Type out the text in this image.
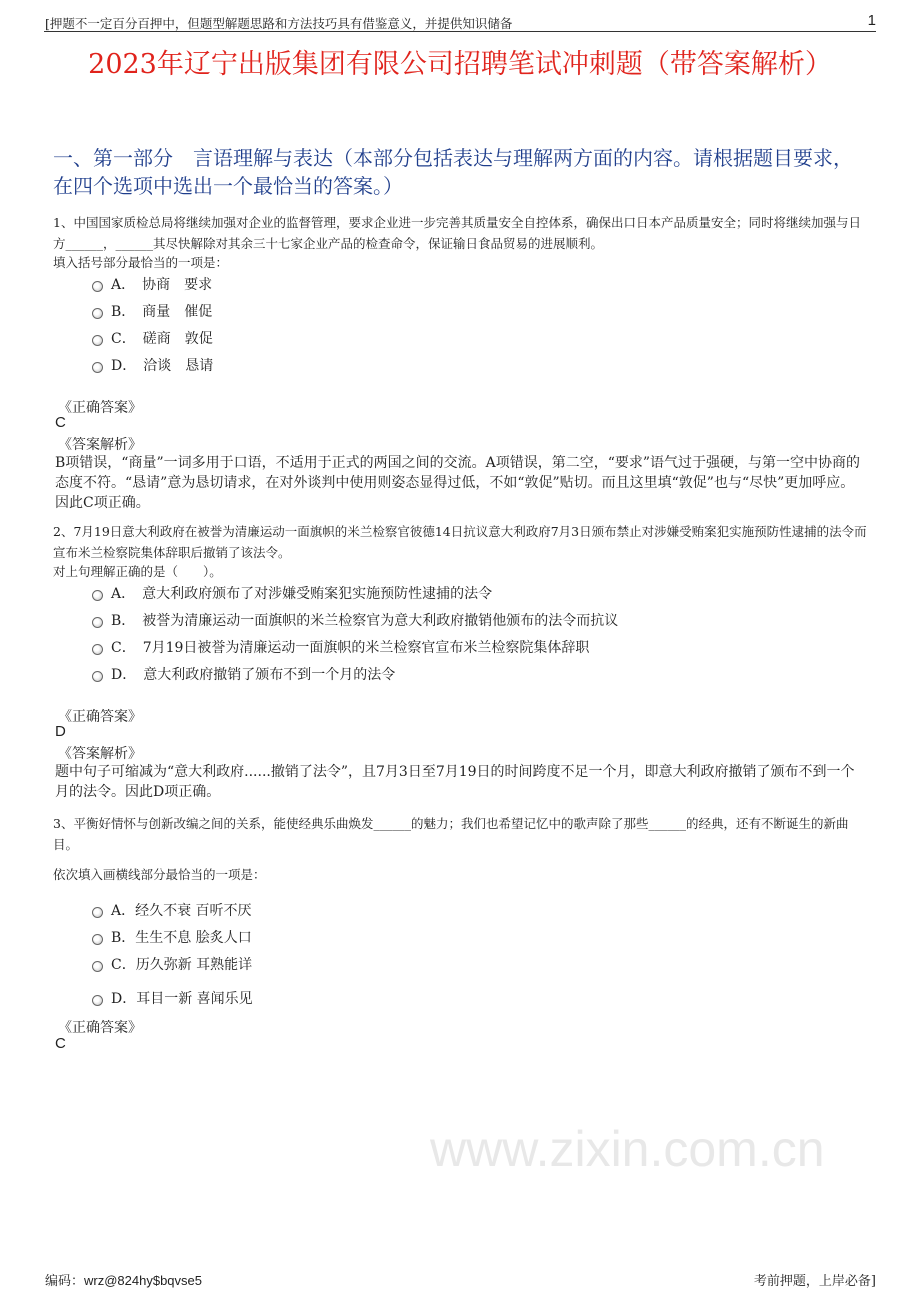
[押题不一定百分百押中，但题型解题思路和方法技巧具有借鉴意义，并提供知识储备	1
2023年辽宁出版集团有限公司招聘笔试冲刺题（带答案解析）
一、第一部分　言语理解与表达（本部分包括表达与理解两方面的内容。请根据题目要求，在四个选项中选出一个最恰当的答案。）
www.zixin.com.cn
1、中国国家质检总局将继续加强对企业的监督管理，要求企业进一步完善其质量安全自控体系，确保出口日本产品质量安全；同时将继续加强与日方______，______其尽快解除对其余三十七家企业产品的检查命令，保证输日食品贸易的进展顺利。
填入括号部分最恰当的一项是：
A．　协商　要求
B．　商量　催促
C．　磋商　敦促
D．　洽谈　恳请
《正确答案》
C
《答案解析》
B项错误，“商量”一词多用于口语，不适用于正式的两国之间的交流。A项错误，第二空，“要求”语气过于强硬，与第一空中协商的态度不符。“恳请”意为恳切请求，在对外谈判中使用则姿态显得过低，不如“敦促”贴切。而且这里填“敦促”也与“尽快”更加呼应。因此C项正确。
2、7月19日意大利政府在被誉为清廉运动一面旗帜的米兰检察官彼德14日抗议意大利政府7月3日颁布禁止对涉嫌受贿案犯实施预防性逮捕的法令而宣布米兰检察院集体辞职后撤销了该法令。
对上句理解正确的是（　　）。
A．　意大利政府颁布了对涉嫌受贿案犯实施预防性逮捕的法令
B．　被誉为清廉运动一面旗帜的米兰检察官为意大利政府撤销他颁布的法令而抗议
C．　7月19日被誉为清廉运动一面旗帜的米兰检察官宣布米兰检察院集体辞职
D．　意大利政府撤销了颁布不到一个月的法令
《正确答案》
D
《答案解析》
题中句子可缩减为“意大利政府......撤销了法令”，且7月3日至7月19日的时间跨度不足一个月，即意大利政府撤销了颁布不到一个月的法令。因此D项正确。
3、平衡好情怀与创新改编之间的关系，能使经典乐曲焕发______的魅力；我们也希望记忆中的歌声除了那些______的经典，还有不断诞生的新曲目。
依次填入画横线部分最恰当的一项是：
A．经久不衰 百听不厌
B．生生不息 脍炙人口
C．历久弥新 耳熟能详
D．耳目一新 喜闻乐见
《正确答案》
C
编码：wrz@824hy$bqvse5	考前押题，上岸必备]
